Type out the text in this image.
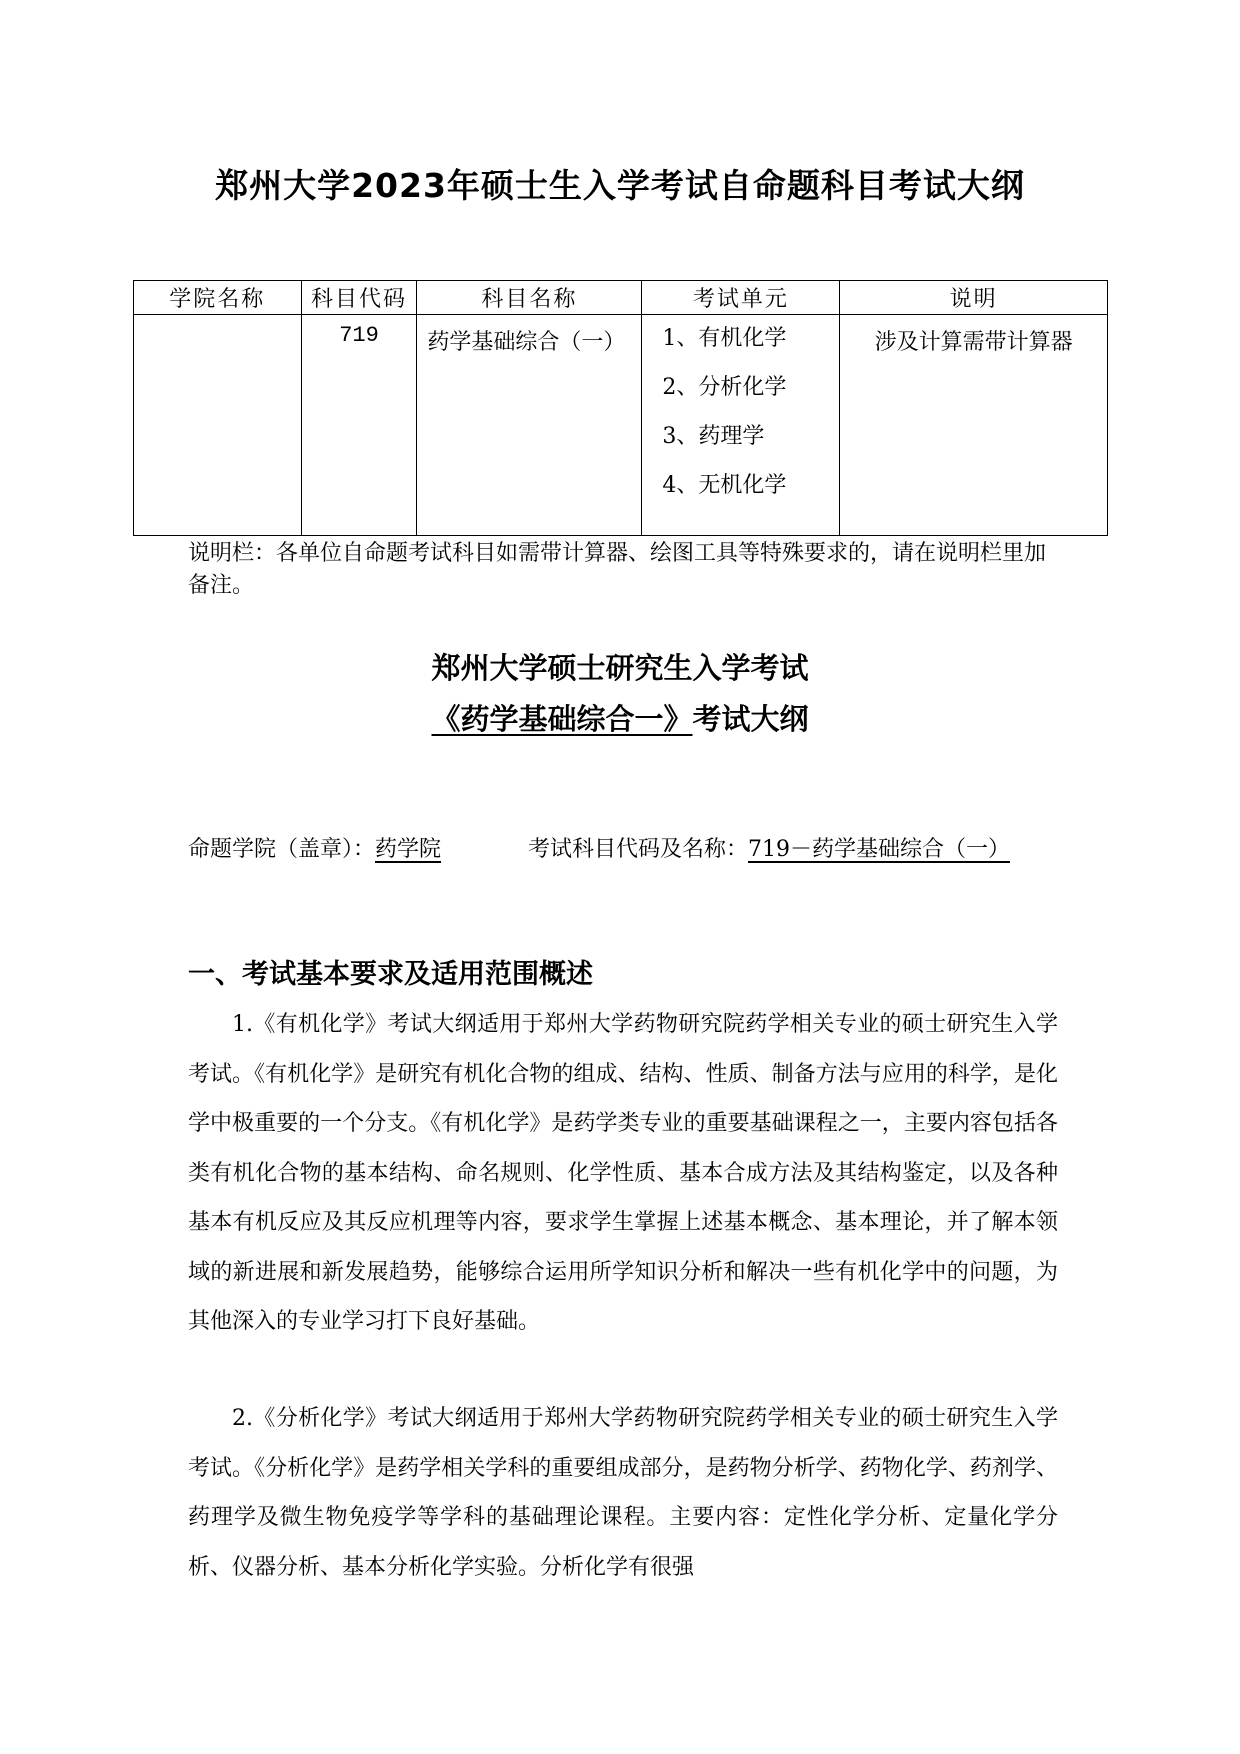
郑州大学2023年硕士生入学考试自命题科目考试大纲
学院名称	科目代码	科目名称	考试单元	说明
	719	药学基础综合（一）	1、有机化学
2、分析化学
3、药理学
4、无机化学	涉及计算需带计算器
说明栏：各单位自命题考试科目如需带计算器、绘图工具等特殊要求的，请在说明栏里加备注。
郑州大学硕士研究生入学考试
《药学基础综合一》考试大纲
命题学院（盖章）：药学院	考试科目代码及名称：719－药学基础综合（一）
一、考试基本要求及适用范围概述

1.《有机化学》考试大纲适用于郑州大学药物研究院药学相关专业的硕士研究生入学考试。《有机化学》是研究有机化合物的组成、结构、性质、制备方法与应用的科学，是化学中极重要的一个分支。《有机化学》是药学类专业的重要基础课程之一，主要内容包括各类有机化合物的基本结构、命名规则、化学性质、基本合成方法及其结构鉴定，以及各种基本有机反应及其反应机理等内容，要求学生掌握上述基本概念、基本理论，并了解本领域的新进展和新发展趋势，能够综合运用所学知识分析和解决一些有机化学中的问题，为其他深入的专业学习打下良好基础。

2.《分析化学》考试大纲适用于郑州大学药物研究院药学相关专业的硕士研究生入学考试。《分析化学》是药学相关学科的重要组成部分，是药物分析学、药物化学、药剂学、药理学及微生物免疫学等学科的基础理论课程。主要内容：定性化学分析、定量化学分析、仪器分析、基本分析化学实验。分析化学有很强
